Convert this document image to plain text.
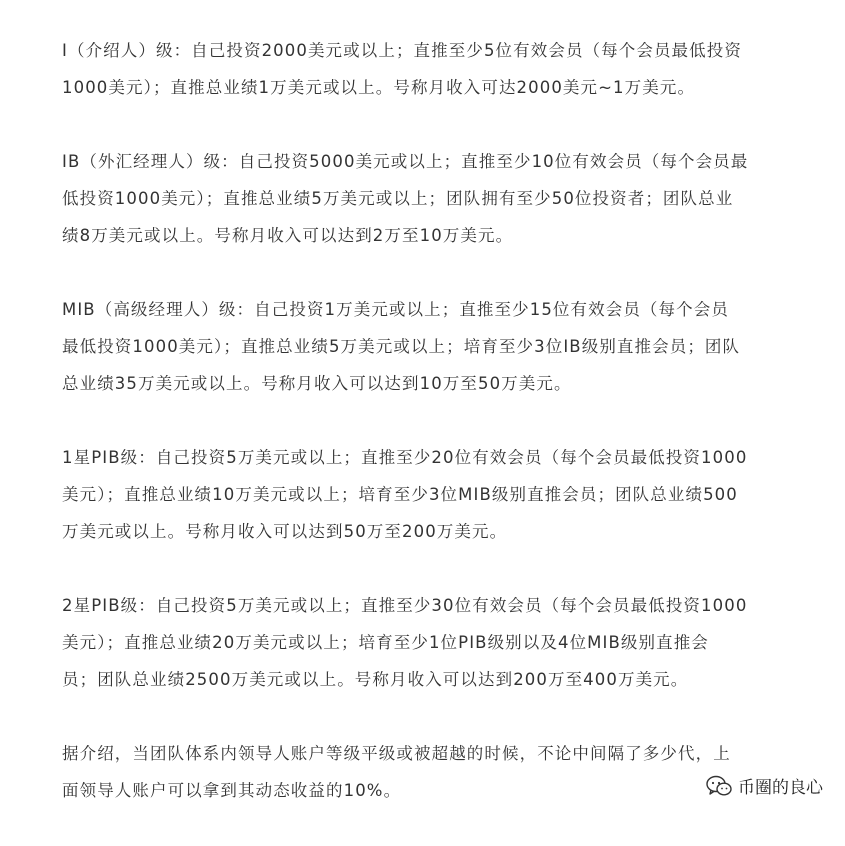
I（介绍人）级：自己投资2000美元或以上；直推至少5位有效会员（每个会员最低投资
1000美元）；直推总业绩1万美元或以上。号称月收入可达2000美元~1万美元。

IB（外汇经理人）级：自己投资5000美元或以上；直推至少10位有效会员（每个会员最
低投资1000美元）；直推总业绩5万美元或以上；团队拥有至少50位投资者；团队总业
绩8万美元或以上。号称月收入可以达到2万至10万美元。

MIB（高级经理人）级：自己投资1万美元或以上；直推至少15位有效会员（每个会员
最低投资1000美元）；直推总业绩5万美元或以上；培育至少3位IB级别直推会员；团队
总业绩35万美元或以上。号称月收入可以达到10万至50万美元。

1星PIB级：自己投资5万美元或以上；直推至少20位有效会员（每个会员最低投资1000
美元）；直推总业绩10万美元或以上；培育至少3位MIB级别直推会员；团队总业绩500
万美元或以上。号称月收入可以达到50万至200万美元。

2星PIB级：自己投资5万美元或以上；直推至少30位有效会员（每个会员最低投资1000
美元）；直推总业绩20万美元或以上；培育至少1位PIB级别以及4位MIB级别直推会
员；团队总业绩2500万美元或以上。号称月收入可以达到200万至400万美元。

据介绍，当团队体系内领导人账户等级平级或被超越的时候，不论中间隔了多少代，上
面领导人账户可以拿到其动态收益的10%。	币圈的良心
